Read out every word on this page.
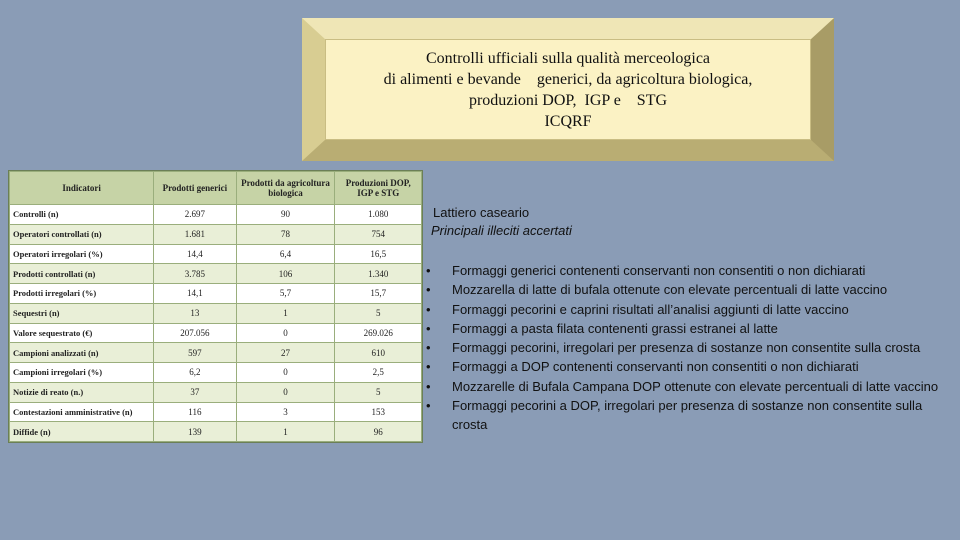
Controlli ufficiali sulla qualità merceologica
di alimenti e bevande    generici, da agricoltura biologica,
produzioni DOP,  IGP e    STG
ICQRF
Indicatori	Prodotti generici	Prodotti da agricoltura biologica	Produzioni DOP, IGP e STG
Controlli (n)	2.697	90	1.080
Operatori controllati (n)	1.681	78	754
Operatori irregolari (%)	14,4	6,4	16,5
Prodotti controllati (n)	3.785	106	1.340
Prodotti irregolari (%)	14,1	5,7	15,7
Sequestri (n)	13	1	5
Valore sequestrato (€)	207.056	0	269.026
Campioni analizzati (n)	597	27	610
Campioni irregolari (%)	6,2	0	2,5
Notizie di reato (n.)	37	0	5
Contestazioni amministrative (n)	116	3	153
Diffide (n)	139	1	96
Lattiero caseario
Principali illeciti accertati
• Formaggi generici contenenti conservanti non consentiti o non dichiarati
• Mozzarella di latte di bufala ottenute con elevate percentuali di latte vaccino
• Formaggi pecorini e caprini risultati all’analisi aggiunti di latte vaccino
• Formaggi a pasta filata contenenti grassi estranei al latte
• Formaggi pecorini, irregolari per presenza di sostanze non consentite sulla crosta
• Formaggi a DOP contenenti conservanti non consentiti o non dichiarati
• Mozzarelle di Bufala Campana DOP ottenute con elevate percentuali di latte vaccino
• Formaggi pecorini a DOP, irregolari per presenza di sostanze non consentite sulla crosta
